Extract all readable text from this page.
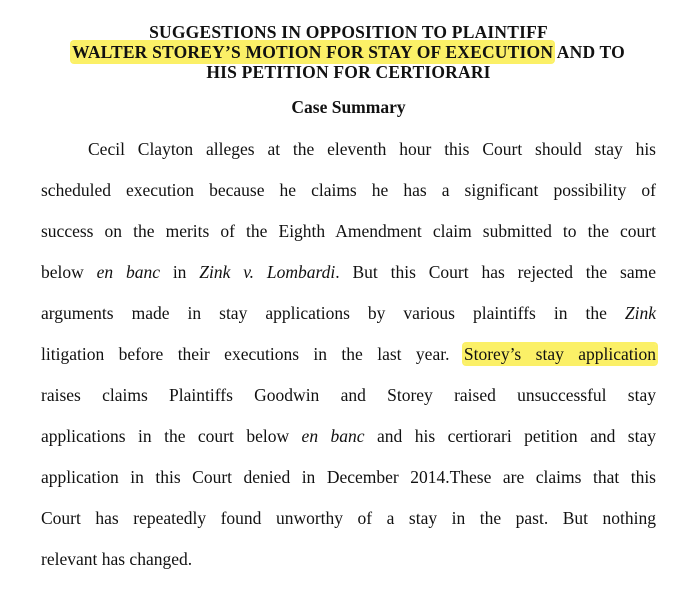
SUGGESTIONS IN OPPOSITION TO PLAINTIFF
WALTER STOREY’S MOTION FOR STAY OF EXECUTION AND TO
HIS PETITION FOR CERTIORARI
Case Summary
Cecil Clayton alleges at the eleventh hour this Court should stay his
scheduled execution because he claims he has a significant possibility of
success on the merits of the Eighth Amendment claim submitted to the court
below en banc in Zink v. Lombardi. But this Court has rejected the same
arguments made in stay applications by various plaintiffs in the Zink
litigation before their executions in the last year. Storey’s stay application
raises claims Plaintiffs Goodwin and Storey raised unsuccessful stay
applications in the court below en banc and his certiorari petition and stay
application in this Court denied in December 2014.These are claims that this
Court has repeatedly found unworthy of a stay in the past. But nothing
relevant has changed.
